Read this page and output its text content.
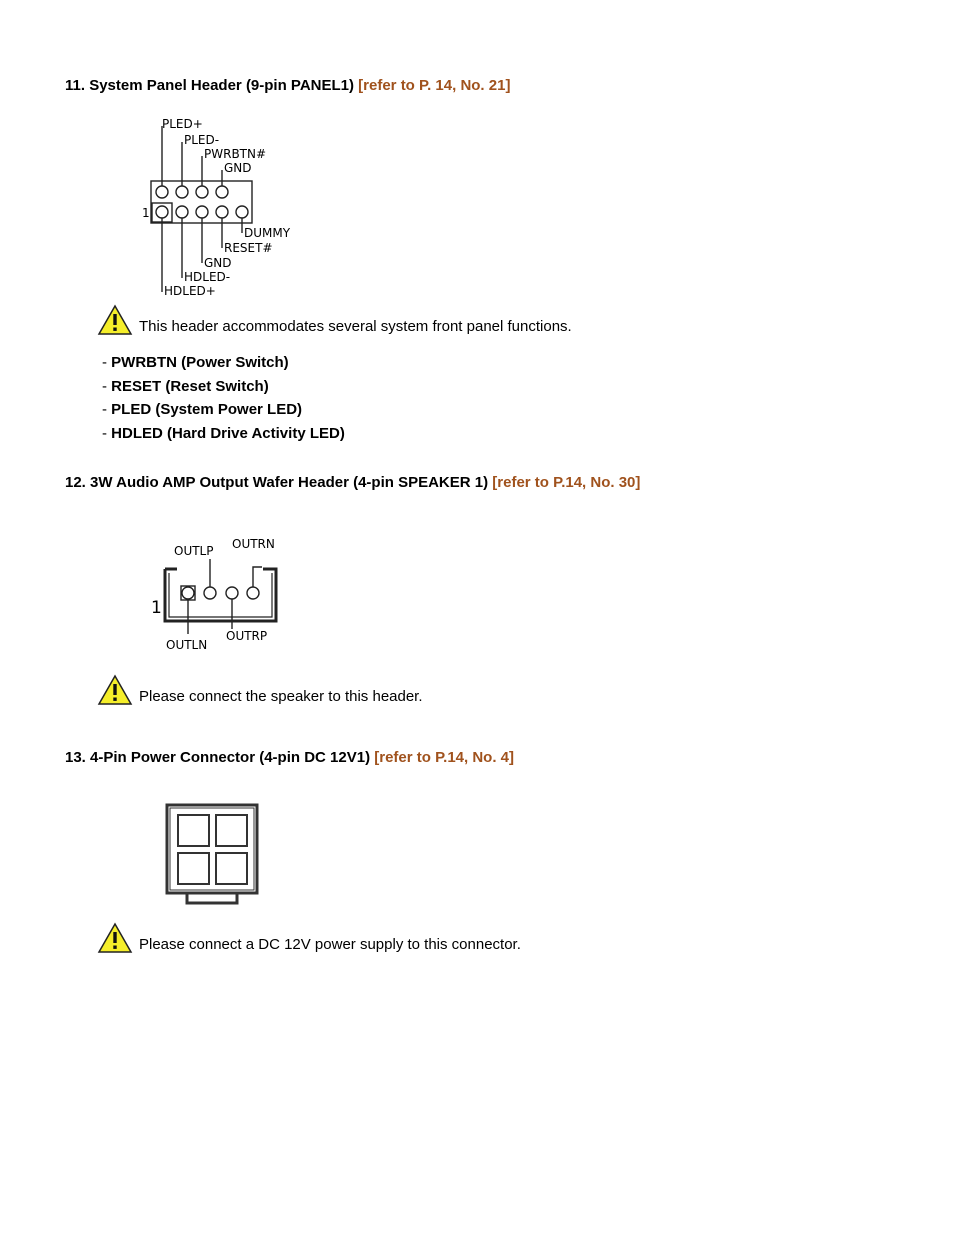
11. System Panel Header (9-pin PANEL1) [refer to P. 14, No. 21]
PLED+
PLED-
PWRBTN#
GND
DUMMY
RESET#
GND
HDLED-
HDLED+
1
This header accommodates several system front panel functions.
- PWRBTN (Power Switch)
- RESET (Reset Switch)
- PLED (System Power LED)
- HDLED (Hard Drive Activity LED)
12. 3W Audio AMP Output Wafer Header (4-pin SPEAKER 1) [refer to P.14, No. 30]
OUTLP OUTRN
OUTLN
OUTRP
1
Please connect the speaker to this header.
13. 4-Pin Power Connector (4-pin DC 12V1) [refer to P.14, No. 4]
Please connect a DC 12V power supply to this connector.
